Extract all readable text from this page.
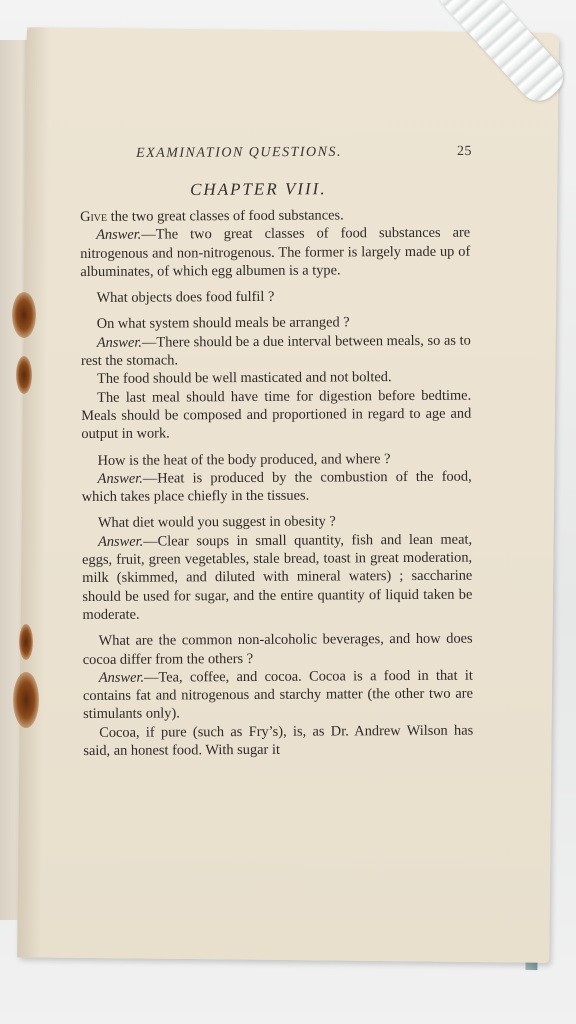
EXAMINATION QUESTIONS.	25
CHAPTER VIII.

Give the two great classes of food substances.

Answer.—The two great classes of food substances are nitrogenous and non-nitrogenous. The former is largely made up of albuminates, of which egg albumen is a type.

What objects does food fulfil ?

On what system should meals be arranged ?

Answer.—There should be a due interval between meals, so as to rest the stomach.

The food should be well masticated and not bolted.

The last meal should have time for digestion before bedtime. Meals should be composed and proportioned in regard to age and output in work.

How is the heat of the body produced, and where ?

Answer.—Heat is produced by the combustion of the food, which takes place chiefly in the tissues.

What diet would you suggest in obesity ?

Answer.—Clear soups in small quantity, fish and lean meat, eggs, fruit, green vegetables, stale bread, toast in great moderation, milk (skimmed, and diluted with mineral waters) ; saccharine should be used for sugar, and the entire quantity of liquid taken be moderate.

What are the common non-alcoholic beverages, and how does cocoa differ from the others ?

Answer.—Tea, coffee, and cocoa. Cocoa is a food in that it contains fat and nitrogenous and starchy matter (the other two are stimulants only).

Cocoa, if pure (such as Fry’s), is, as Dr. Andrew Wilson has said, an honest food. With sugar it
